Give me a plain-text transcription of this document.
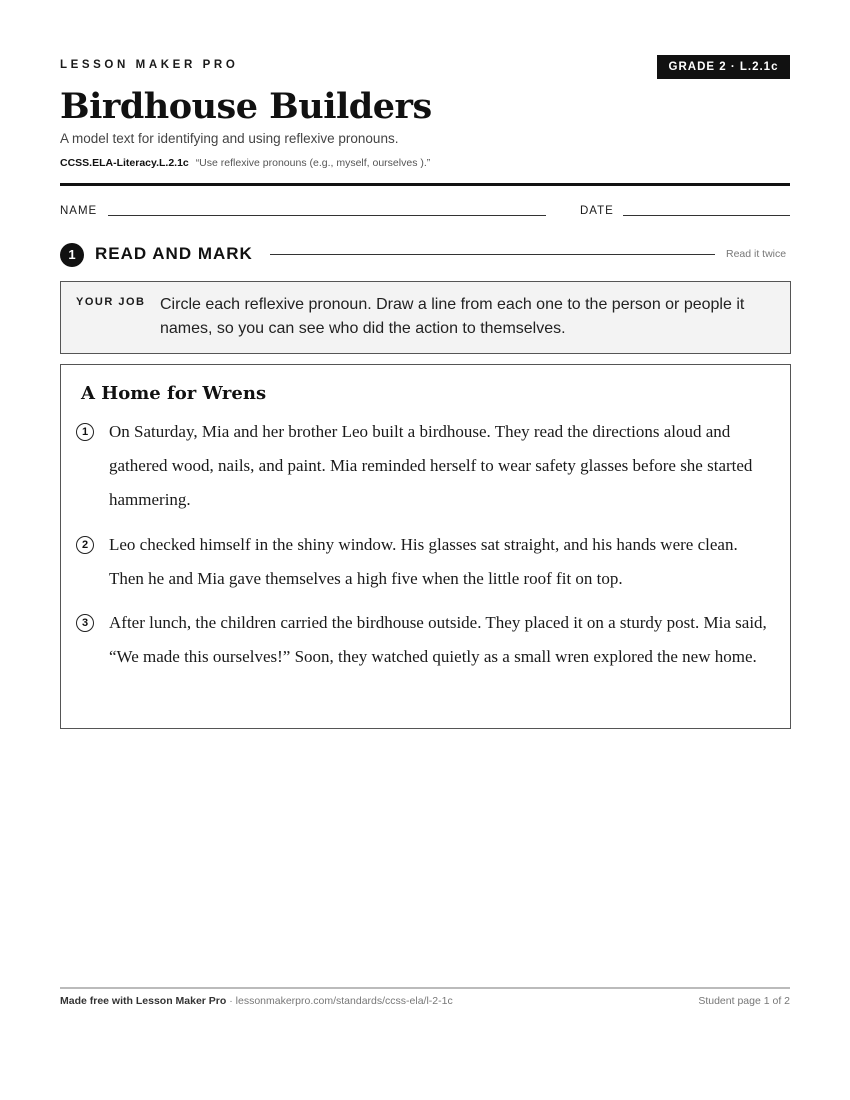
LESSON MAKER PRO	GRADE 2 · L.2.1c
Birdhouse Builders
A model text for identifying and using reflexive pronouns.
CCSS.ELA-Literacy.L.2.1c “Use reflexive pronouns (e.g., myself, ourselves ).”
NAME	DATE
1	READ AND MARK	Read it twice
YOUR JOB Circle each reflexive pronoun. Draw a line from each one to the person or people it names, so you can see who did the action to themselves.
A Home for Wrens
1	On Saturday, Mia and her brother Leo built a birdhouse. They read the directions aloud and gathered wood, nails, and paint. Mia reminded herself to wear safety glasses before she started hammering.

2	Leo checked himself in the shiny window. His glasses sat straight, and his hands were clean. Then he and Mia gave themselves a high five when the little roof fit on top.

3	After lunch, the children carried the birdhouse outside. They placed it on a sturdy post. Mia said, “We made this ourselves!” Soon, they watched quietly as a small wren explored the new home.

Made free with Lesson Maker Pro · lessonmakerpro.com/standards/ccss-ela/l-2-1c	Student page 1 of 2
